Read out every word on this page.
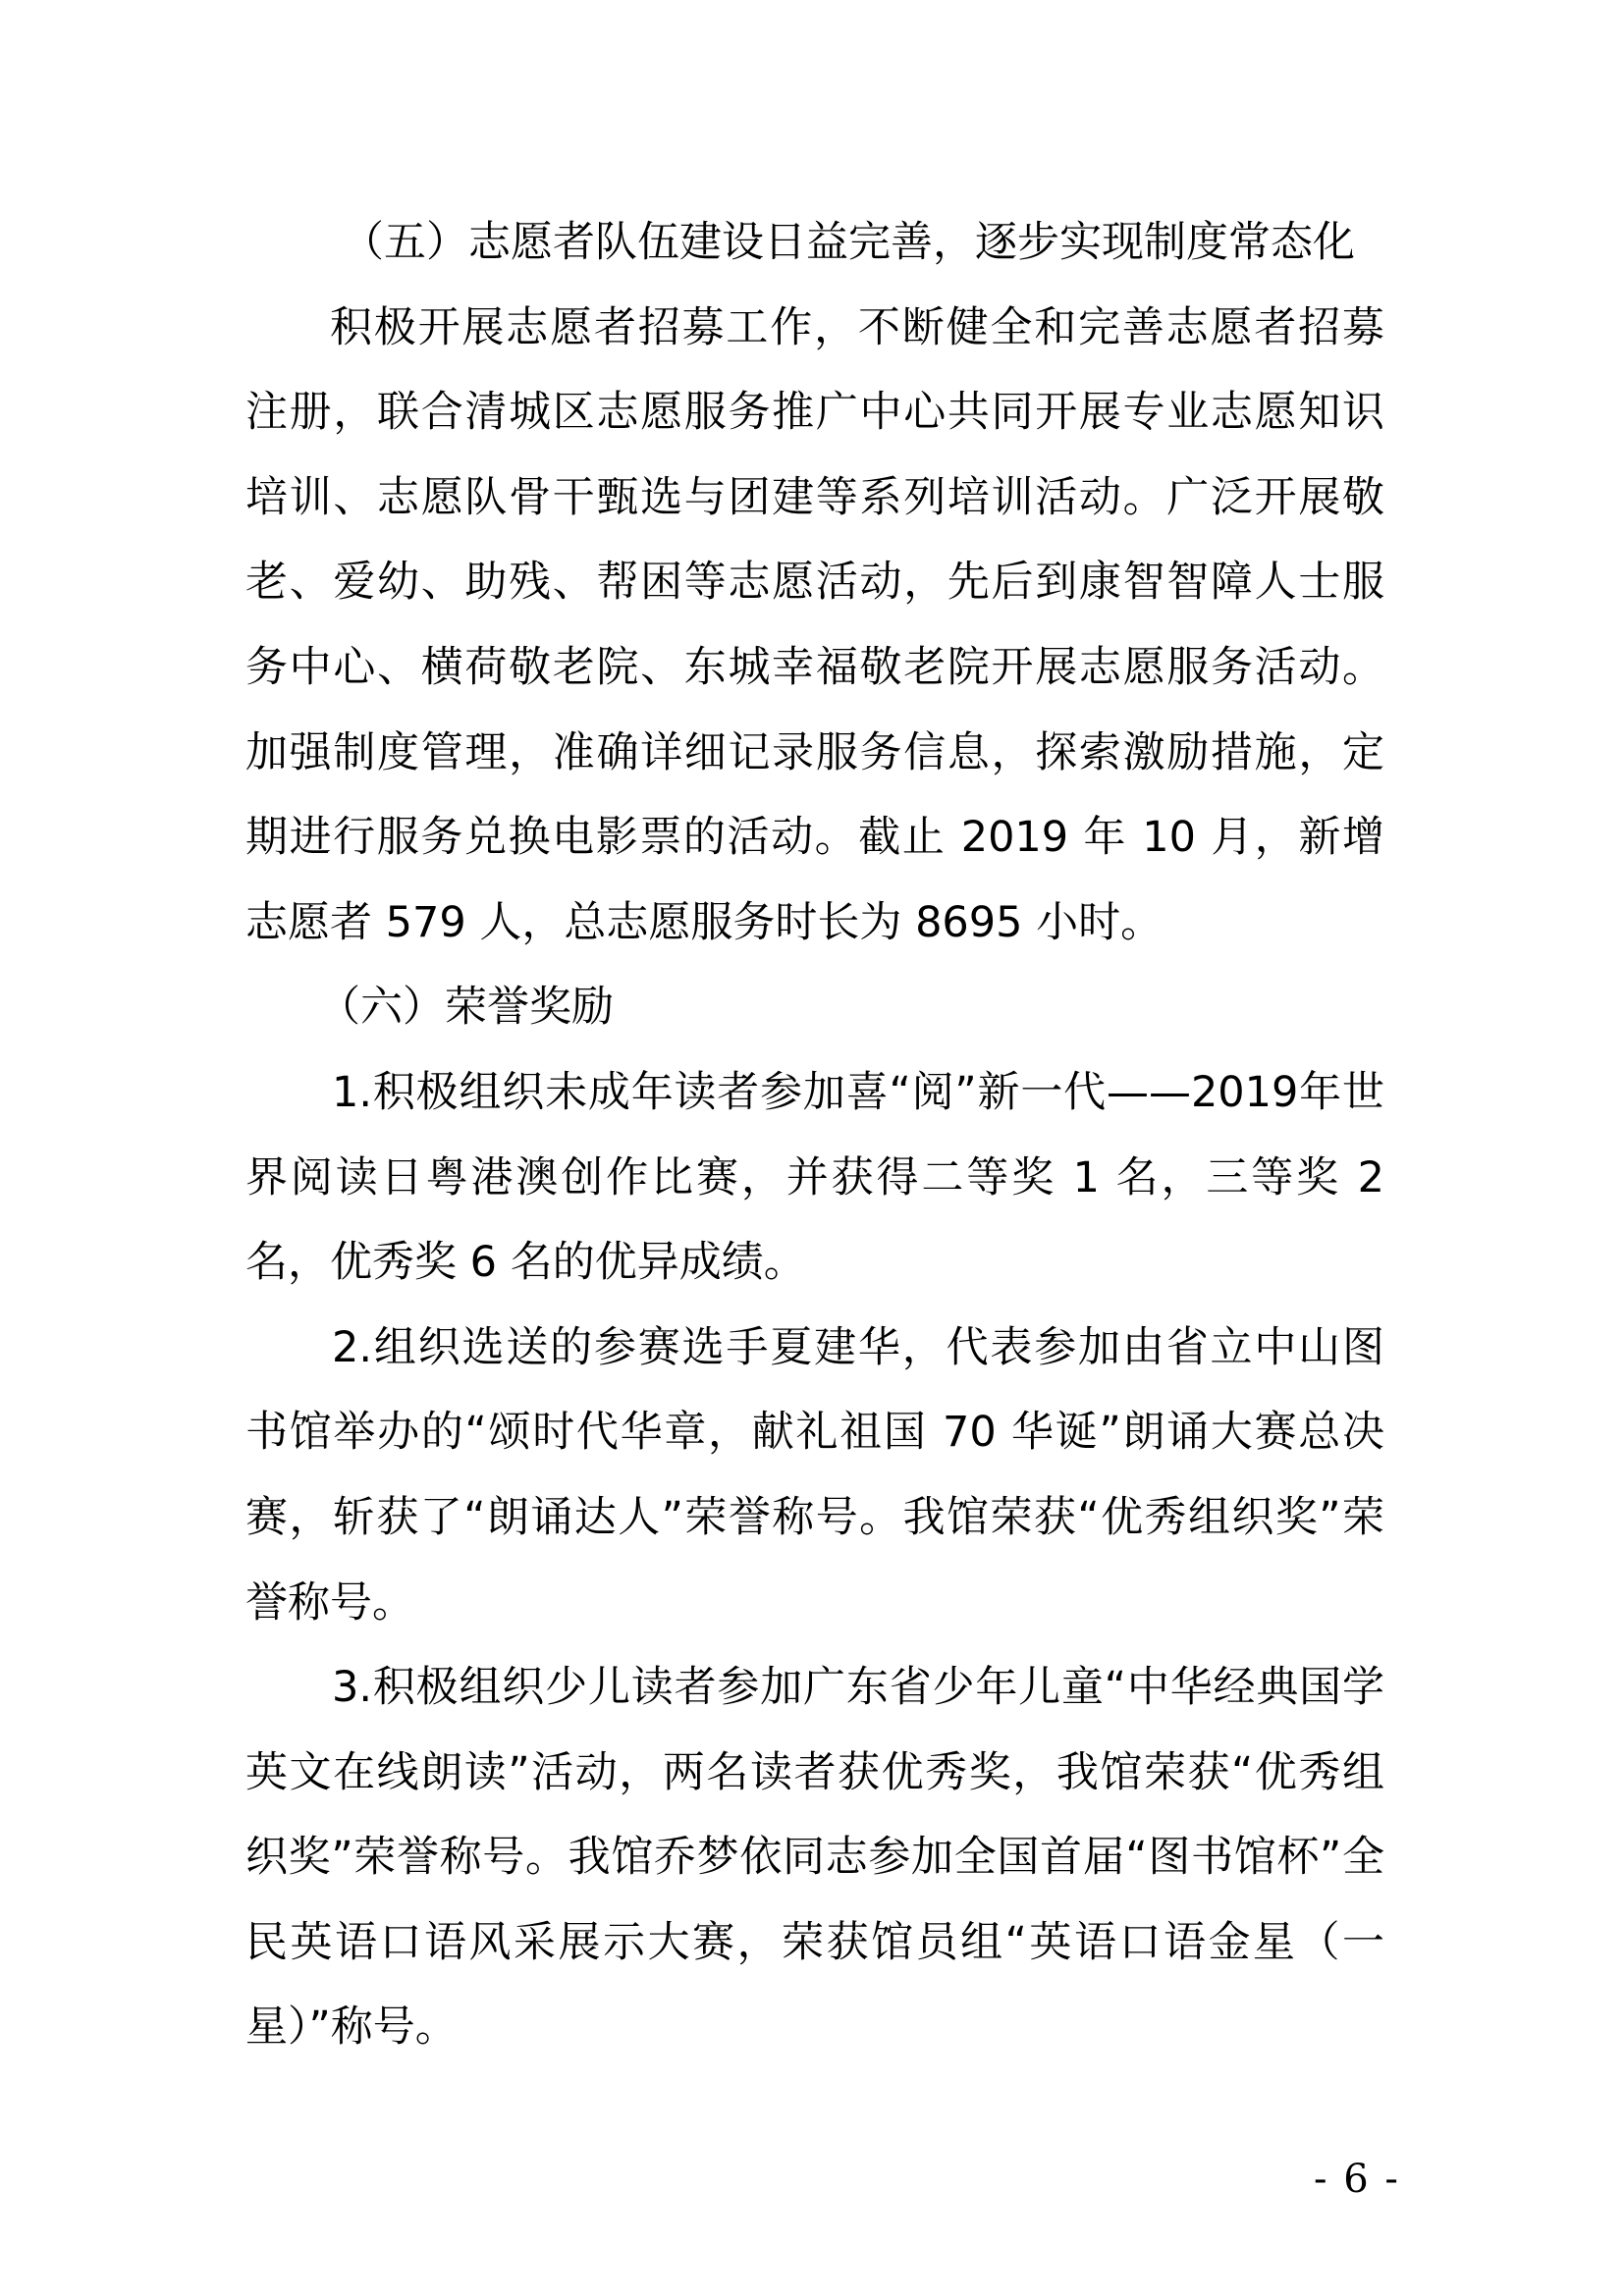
（五）志愿者队伍建设日益完善，逐步实现制度常态化

积极开展志愿者招募工作，不断健全和完善志愿者招募注册，联合清城区志愿服务推广中心共同开展专业志愿知识培训、志愿队骨干甄选与团建等系列培训活动。广泛开展敬老、爱幼、助残、帮困等志愿活动，先后到康智智障人士服务中心、横荷敬老院、东城幸福敬老院开展志愿服务活动。加强制度管理，准确详细记录服务信息，探索激励措施，定期进行服务兑换电影票的活动。截止 2019 年 10 月，新增志愿者 579 人，总志愿服务时长为 8695 小时。

（六）荣誉奖励

1.积极组织未成年读者参加喜“阅”新一代——2019年世界阅读日粤港澳创作比赛，并获得二等奖 1 名，三等奖 2 名，优秀奖 6 名的优异成绩。

2.组织选送的参赛选手夏建华，代表参加由省立中山图书馆举办的“颂时代华章，献礼祖国 70 华诞”朗诵大赛总决赛，斩获了“朗诵达人”荣誉称号。我馆荣获“优秀组织奖”荣誉称号。

3.积极组织少儿读者参加广东省少年儿童“中华经典国学英文在线朗读”活动，两名读者获优秀奖，我馆荣获“优秀组织奖”荣誉称号。我馆乔梦依同志参加全国首届“图书馆杯”全民英语口语风采展示大赛，荣获馆员组“英语口语金星（一星）”称号。

- 6 -
